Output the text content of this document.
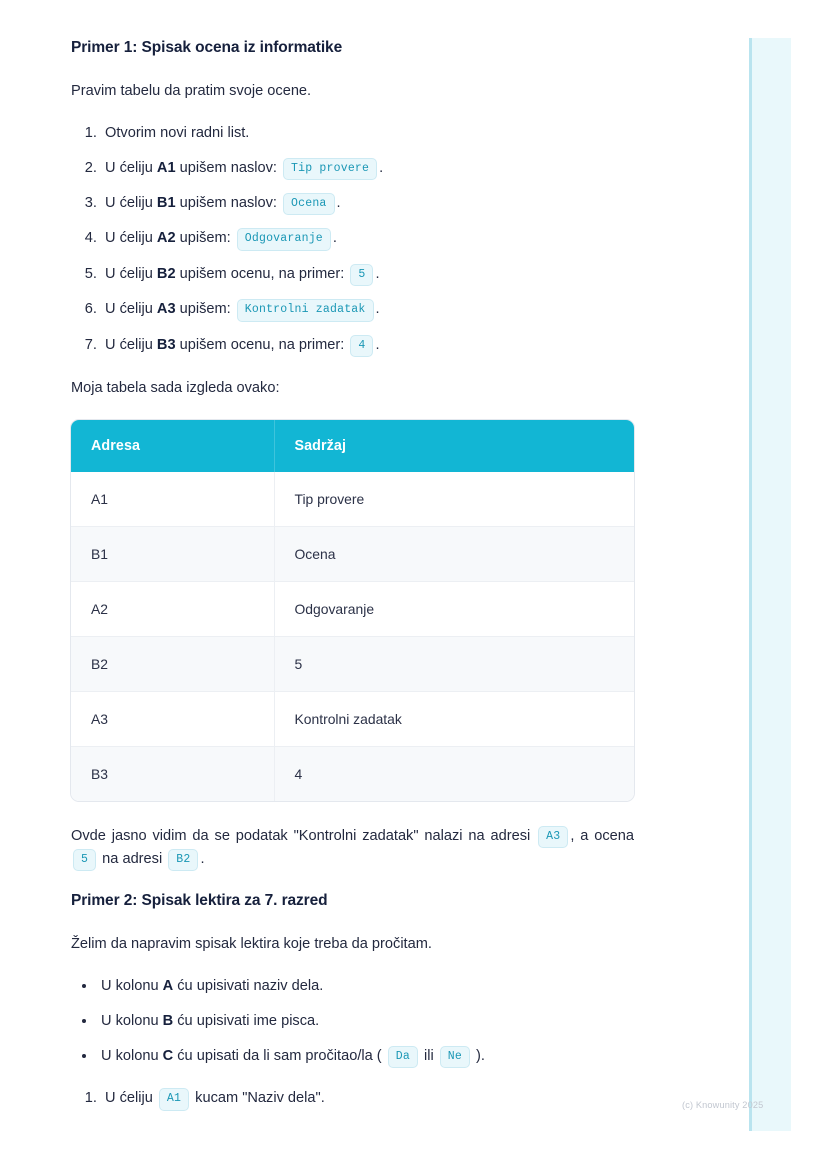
Primer 1: Spisak ocena iz informatike

Pravim tabelu da pratim svoje ocene.

1. Otvorim novi radni list.
2. U ćeliju A1 upišem naslov: Tip provere .
3. U ćeliju B1 upišem naslov: Ocena .
4. U ćeliju A2 upišem: Odgovaranje .
5. U ćeliju B2 upišem ocenu, na primer: 5 .
6. U ćeliju A3 upišem: Kontrolni zadatak .
7. U ćeliju B3 upišem ocenu, na primer: 4 .

Moja tabela sada izgleda ovako:

Adresa	Sadržaj
A1	Tip provere
B1	Ocena
A2	Odgovaranje
B2	5
A3	Kontrolni zadatak
B3	4

Ovde jasno vidim da se podatak "Kontrolni zadatak" nalazi na adresi A3 , a ocena 5 na adresi B2 .

Primer 2: Spisak lektira za 7. razred

Želim da napravim spisak lektira koje treba da pročitam.

• U kolonu A ću upisivati naziv dela.
• U kolonu B ću upisivati ime pisca.
• U kolonu C ću upisati da li sam pročitao/la ( Da ili Ne ).
1. U ćeliju A1 kucam "Naziv dela".	(c) Knowunity 2025
